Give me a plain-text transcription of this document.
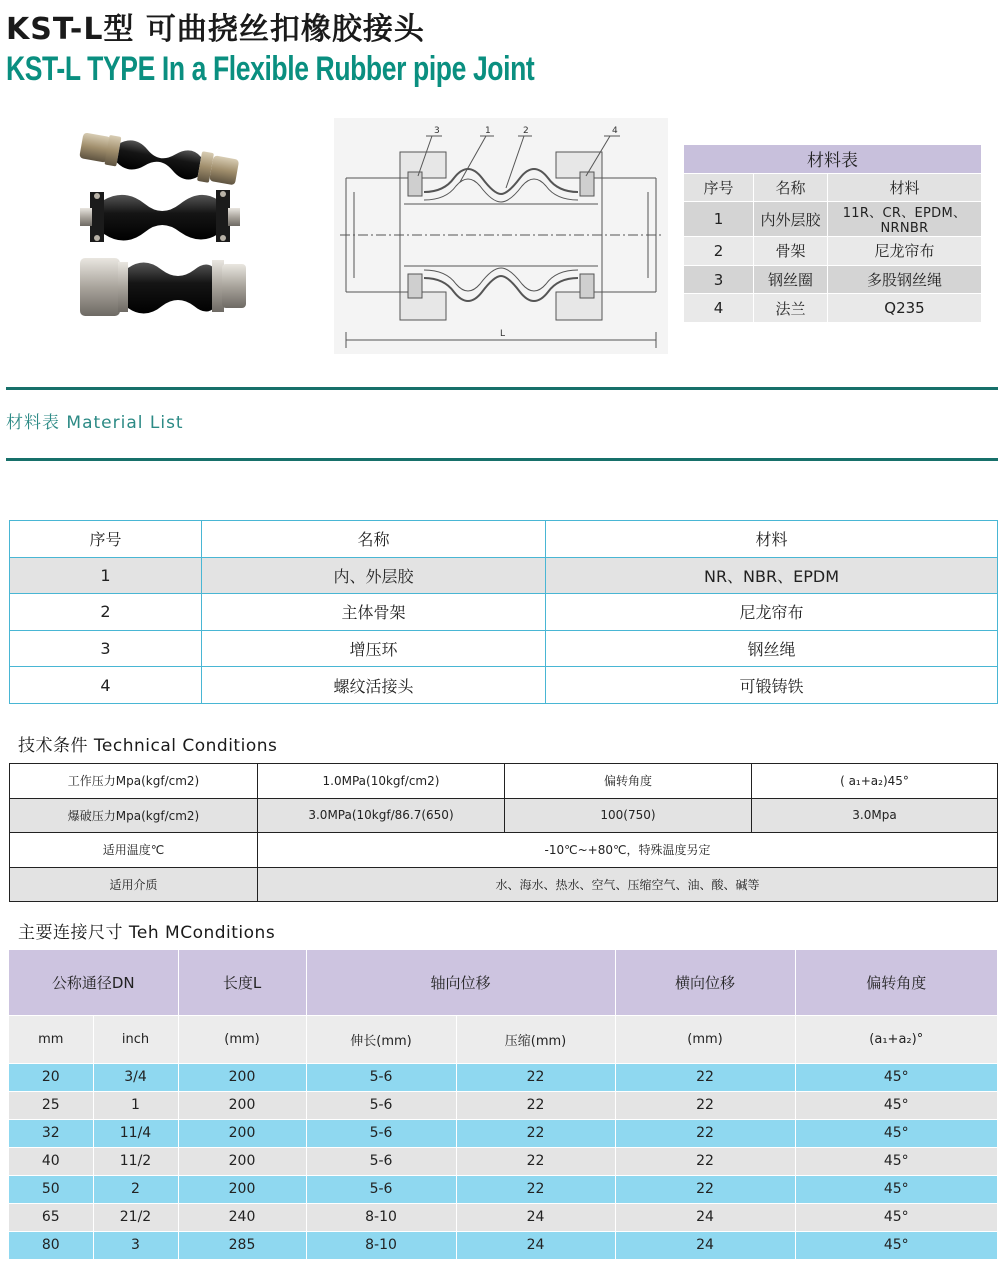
KST-L型 可曲挠丝扣橡胶接头
KST-L TYPE In a Flexible Rubber pipe Joint
3	1	2	4
L
材料表		
序号	名称	材料
1	内外层胶	11R、CR、EPDM、NRNBR
2	骨架	尼龙帘布
3	钢丝圈	多股钢丝绳
4	法兰	Q235
材料表 Material List
序号	名称	材料
1	内、外层胶	NR、NBR、EPDM
2	主体骨架	尼龙帘布
3	增压环	钢丝绳
4	螺纹活接头	可锻铸铁
技术条件 Technical Conditions
工作压力Mpa(kgf/cm2)	1.0MPa(10kgf/cm2)	偏转角度	( a₁+a₂)45°
爆破压力Mpa(kgf/cm2)	3.0MPa(10kgf/86.7(650)	100(750)	3.0Mpa
适用温度℃	-10℃~+80℃，特殊温度另定		
适用介质	水、海水、热水、空气、压缩空气、油、酸、碱等		
主要连接尺寸 Teh MConditions
公称通径DN		长度L	轴向位移		横向位移	偏转角度
mm	inch	(mm)	伸长(mm)	压缩(mm)	(mm)	(a₁+a₂)°
20	3/4	200	5-6	22	22	45°
25	1	200	5-6	22	22	45°
32	11/4	200	5-6	22	22	45°
40	11/2	200	5-6	22	22	45°
50	2	200	5-6	22	22	45°
65	21/2	240	8-10	24	24	45°
80	3	285	8-10	24	24	45°
